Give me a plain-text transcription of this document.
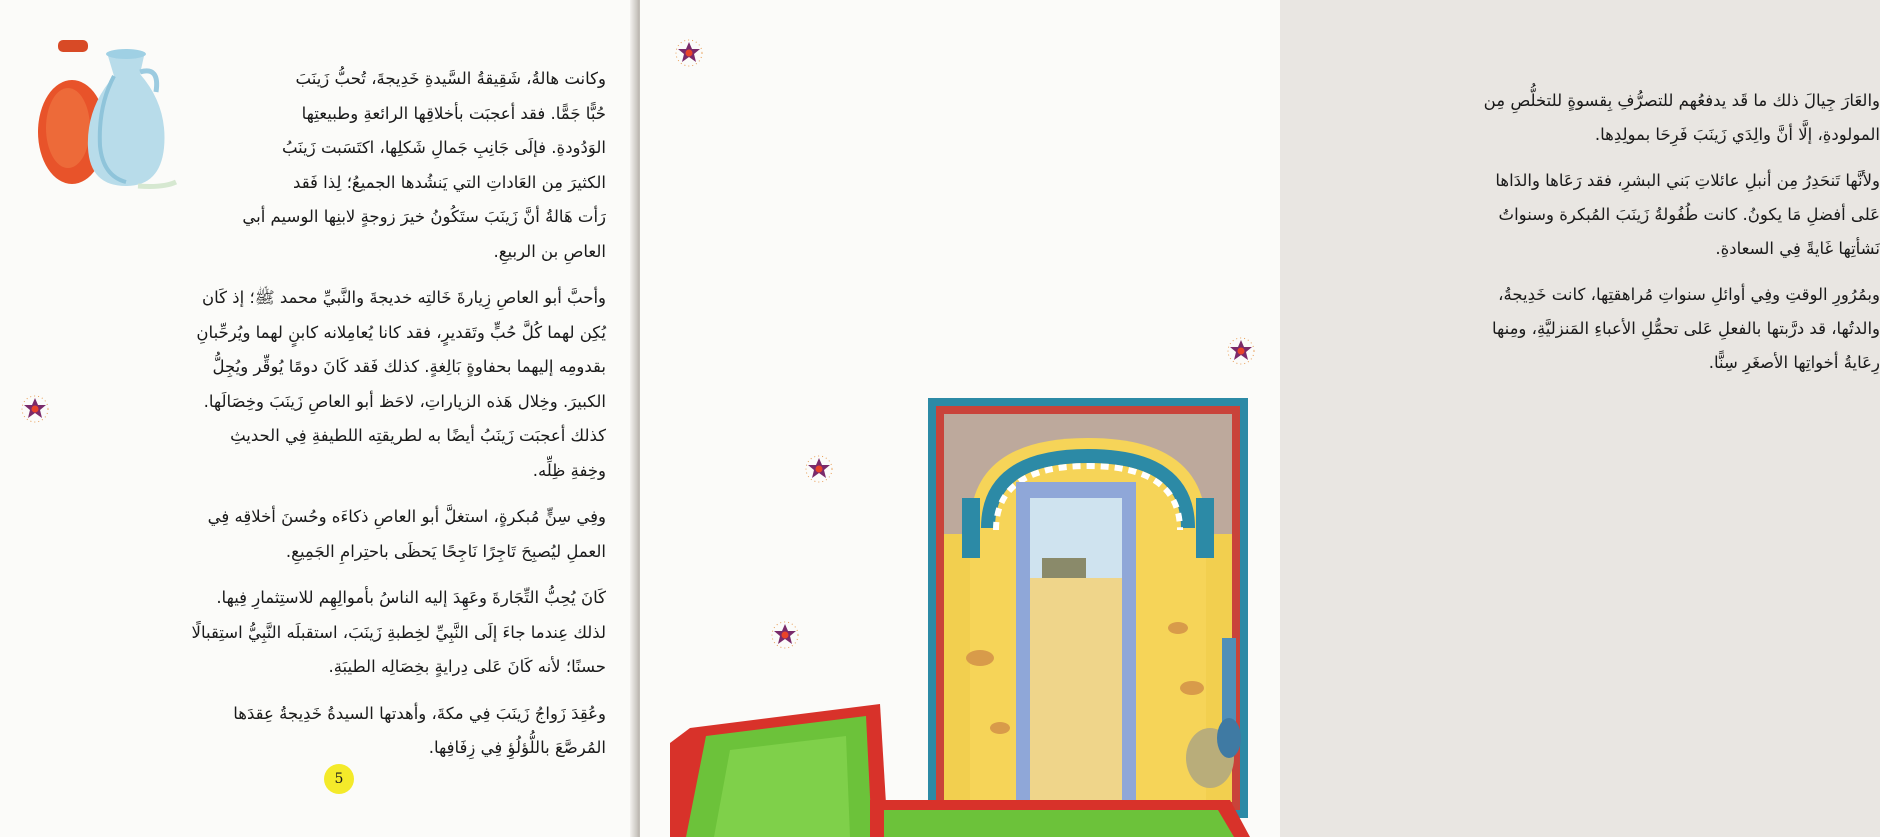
وكانت هالةُ، شَقِيقةُ السَّيدةِ خَدِيجةَ، تُحبُّ زَينَبَ
حُبًّا جَمًّا. فقد أعجبَت بأخلاقِها الرائعةِ وطبيعتِها
الوَدُودةِ. فإلَى جَانِبِ جَمالِ شَكلِها، اكتَسَبت زَينَبُ
الكثيرَ مِن العَاداتِ التي يَنشُدها الجميعُ؛ لِذا فَقد
رَأت هَالةُ أنَّ زَينَبَ ستَكُونُ خيرَ زوجةٍ لابنِها الوسيم أبي
العاصِ بن الربيعِ.
وأحبَّ أبو العاصِ زِيارةَ خَالتِه خديجةَ والنَّبيِّ محمد ﷺ؛ إذ كَان
يُكِن لهما كُلَّ حُبٍّ وتَقديرٍ، فقد كانا يُعامِلانه كابنٍ لهما ويُرحِّبانِ
بقدومِه إليهما بحفاوةٍ بَالِغةٍ. كذلك فَقد كَانَ دومًا يُوقِّر ويُجِلُّ
الكبيرَ. وخِلال هَذه الزياراتِ، لاحَظ أبو العاصِ زَينَبَ وخِصَالَها.
كذلك أعجبَت زَينَبُ أيضًا به لطريقتِه اللطيفةِ فِي الحديثِ
وخِفةِ ظِلِّه.
وفِي سِنٍّ مُبكرةٍ، استغلَّ أبو العاصِ ذكاءَه وحُسنَ أخلاقِه فِي
العملِ ليُصبِحَ تَاجِرًا نَاجِحًا يَحظَى باحتِرامِ الجَمِيعِ.
كَانَ يُحِبُّ التِّجَارةَ وعَهِدَ إليه الناسُ بأموالِهِم للاستِثمارِ فِيها.
لذلك عِندما جاءَ إلَى النَّبِيِّ لخِطبةِ زَينَبَ، استقبلَه النَّبِيُّ استِقبالًا
حسنًا؛ لأنه كَانَ عَلى دِرايةٍ بخِصَالِه الطيبَةِ.
وعُقِدَ زَواجُ زَينَبَ فِي مكةَ، وأهدتها السيدةُ خَدِيجةُ عِقدَها
المُرصَّعَ باللُّؤلُؤِ فِي زِفَافِها.
5
والعَارَ جِيالَ ذلك ما قَد يدفعُهم للتصرُّفِ بِقسوةٍ للتخلُّصِ مِن
المولودةِ، إلَّا أنَّ والِدَي زَينَبَ فَرِحَا بمولِدِها.
ولأنَّها تَنحَدِرُ مِن أنبلِ عائلاتِ بَني البشرِ، فقد رَعَاها والدَاها
عَلى أفضلِ مَا يكونُ. كانت طُفُولةُ زَينَبَ المُبكرة وسنواتُ
نَشأتِها غَايةً فِي السعادةِ.
وبمُرُورِ الوقتِ وفِي أوائلِ سنواتِ مُراهقتِها، كانت خَدِيجةُ،
والدتُها، قد درَّبتها بالفعلِ عَلى تحمُّلِ الأعباءِ المَنزليَّةِ، ومِنها
رِعَايةُ أخواتِها الأصغَرِ سِنًّا.
